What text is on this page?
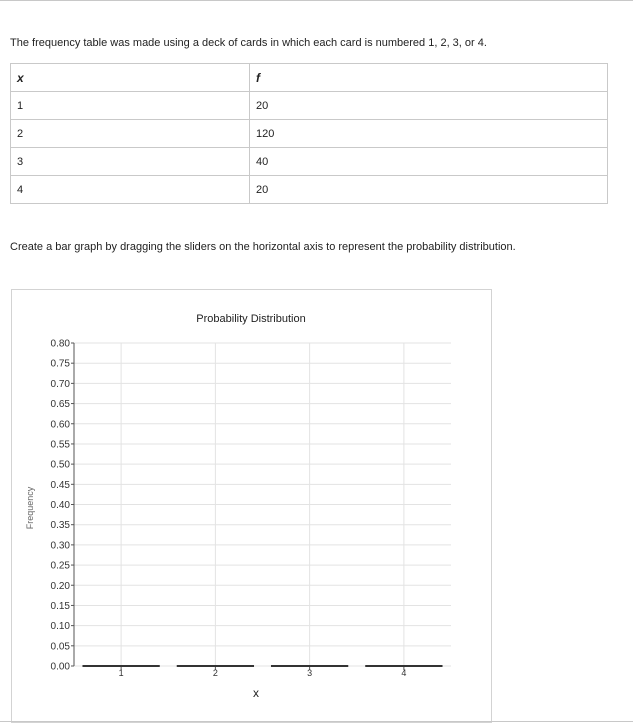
The frequency table was made using a deck of cards in which each card is numbered 1, 2, 3, or 4.
x	f
1	20
2	120
3	40
4	20
Create a bar graph by dragging the sliders on the horizontal axis to represent the probability distribution.
Probability Distribution
0.00
0.05
0.10
0.15
0.20
0.25
0.30
0.35
0.40
0.45
0.50
0.55
0.60
0.65
0.70
0.75
0.80
1	2	3	4
Frequency
x
